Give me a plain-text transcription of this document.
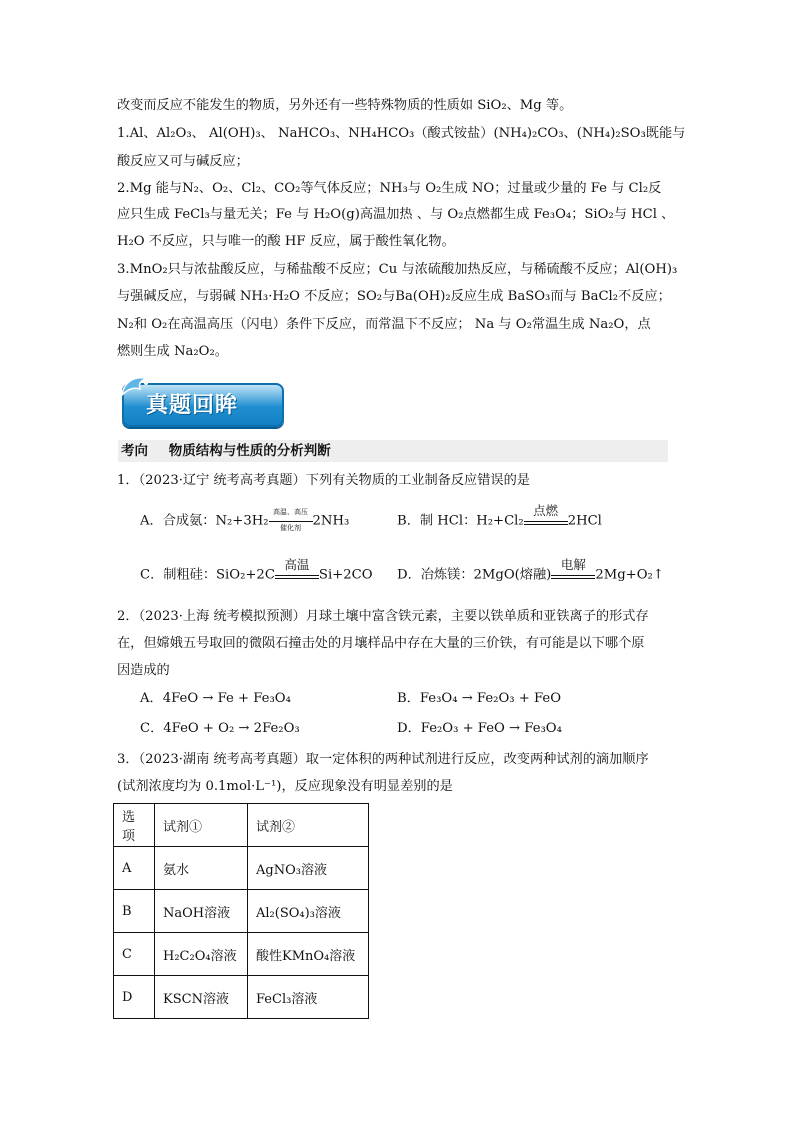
改变而反应不能发生的物质，另外还有一些特殊物质的性质如 SiO₂、Mg 等。
1.Al、Al₂O₃、 Al(OH)₃、 NaHCO₃、NH₄HCO₃（酸式铵盐）(NH₄)₂CO₃、(NH₄)₂SO₃既能与
酸反应又可与碱反应；
2.Mg 能与N₂、O₂、Cl₂、CO₂等气体反应；NH₃与 O₂生成 NO；过量或少量的 Fe 与 Cl₂反
应只生成 FeCl₃与量无关；Fe 与 H₂O(g)高温加热 、与 O₂点燃都生成 Fe₃O₄；SiO₂与 HCl 、
H₂O 不反应，只与唯一的酸 HF 反应，属于酸性氧化物。
3.MnO₂只与浓盐酸反应，与稀盐酸不反应；Cu 与浓硫酸加热反应，与稀硫酸不反应；Al(OH)₃
与强碱反应，与弱碱 NH₃·H₂O 不反应；SO₂与Ba(OH)₂反应生成 BaSO₃而与 BaCl₂不反应；
N₂和 O₂在高温高压（闪电）条件下反应，而常温下不反应； Na 与 O₂常温生成 Na₂O，点
燃则生成 Na₂O₂。
真题回眸
考向 物质结构与性质的分析判断
1．（2023·辽宁 统考高考真题）下列有关物质的工业制备反应错误的是
A．合成氨：N₂+3H₂
高温、高压
催化剂 2NH₃	B．制 HCl：H₂+Cl₂
点燃
2HCl
C．制粗硅：SiO₂+2C
高温
Si+2CO D．冶炼镁：2MgO(熔融)
电解
2Mg+O₂↑
2．（2023·上海 统考模拟预测）月球土壤中富含铁元素，主要以铁单质和亚铁离子的形式存
在，但嫦娥五号取回的微陨石撞击处的月壤样品中存在大量的三价铁，有可能是以下哪个原
因造成的
A．4FeO → Fe + Fe₃O₄	B．Fe₃O₄ → Fe₂O₃ + FeO
C．4FeO + O₂ → 2Fe₂O₃	D．Fe₂O₃ + FeO → Fe₃O₄
3．（2023·湖南 统考高考真题）取一定体积的两种试剂进行反应，改变两种试剂的滴加顺序
(试剂浓度均为 0.1mol·L⁻¹)，反应现象没有明显差别的是
选项	试剂①	试剂②
A	氨水	AgNO₃溶液
B	NaOH溶液	Al₂(SO₄)₃溶液
C	H₂C₂O₄溶液	酸性KMnO₄溶液
D	KSCN溶液	FeCl₃溶液
